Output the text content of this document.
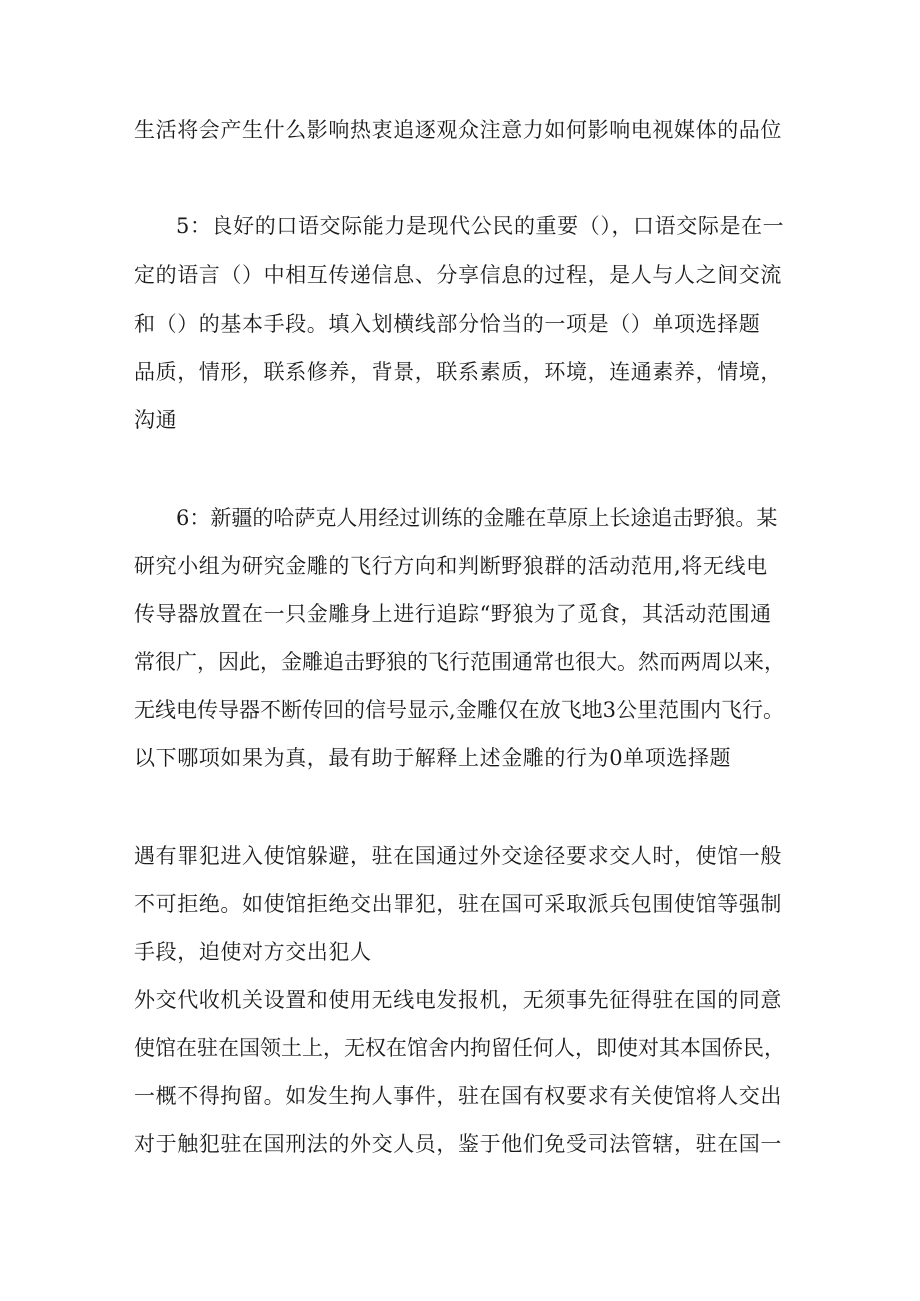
生活将会产生什么影响热衷追逐观众注意力如何影响电视媒体的品位
5：良好的口语交际能力是现代公民的重要（），口语交际是在一
定的语言（）中相互传递信息、分享信息的过程，是人与人之间交流
和（）的基本手段。填入划横线部分恰当的一项是（）单项选择题
品质，情形，联系修养，背景，联系素质，环境，连通素养，情境，
沟通
6：新疆的哈萨克人用经过训练的金雕在草原上长途追击野狼。某
研究小组为研究金雕的飞行方向和判断野狼群的活动范用,将无线电
传导器放置在一只金雕身上进行追踪“野狼为了觅食，其活动范围通
常很广，因此，金雕追击野狼的飞行范围通常也很大。然而两周以来，
无线电传导器不断传回的信号显示,金雕仅在放飞地3公里范围内飞行。
以下哪项如果为真，最有助于解释上述金雕的行为0单项选择题
遇有罪犯进入使馆躲避，驻在国通过外交途径要求交人时，使馆一般
不可拒绝。如使馆拒绝交出罪犯，驻在国可采取派兵包围使馆等强制
手段，迫使对方交出犯人
外交代收机关设置和使用无线电发报机，无须事先征得驻在国的同意
使馆在驻在国领土上，无权在馆舍内拘留任何人，即使对其本国侨民，
一概不得拘留。如发生拘人事件，驻在国有权要求有关使馆将人交出
对于触犯驻在国刑法的外交人员，鉴于他们免受司法管辖，驻在国一
